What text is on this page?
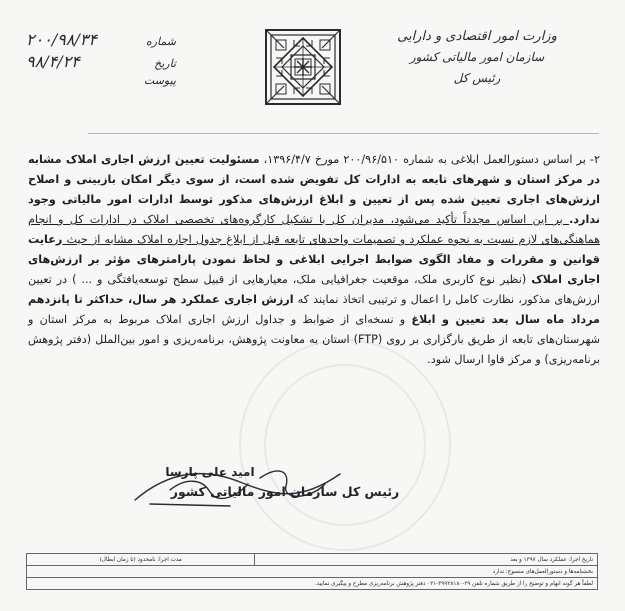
وزارت امور اقتصادی و دارایی
سازمان امور مالیاتی کشور
رئیس کل
شماره
۲۰۰/۹۸/۳۴
تاریخ
۹۸/۴/۲۴
پیوست
۲- بر اساس دستورالعمل ابلاغی به شماره ۲۰۰/۹۶/۵۱۰ مورخ ۱۳۹۶/۴/۷، مسئولیت تعیین ارزش اجاری املاک مشابه در مرکز استان و شهرهای تابعه به ادارات کل تفویض شده است، از سوی دیگر امکان بازبینی و اصلاح ارزش‌های اجاری تعیین شده پس از تعیین و ابلاغ ارزش‌های مذکور توسط ادارات امور مالیاتی وجود ندارد. بر این اساس مجدداً تأکید می‌شود، مدیران کل با تشکیل کارگروه‌های تخصصی املاک در ادارات کل و انجام هماهنگی‌های لازم نسبت به نحوه عملکرد و تصمیمات واحدهای تابعه قبل از ابلاغ جدول اجاره املاک مشابه از حیث رعایت قوانین و مقررات و مفاد الگوی ضوابط اجرایی ابلاغی و لحاظ نمودن پارامترهای مؤثر بر ارزش‌های اجاری املاک (نظیر نوع کاربری ملک، موقعیت جغرافیایی ملک، معیارهایی از قبیل سطح توسعه‌یافتگی و ... ) در تعیین ارزش‌های مذکور، نظارت کامل را اعمال و ترتیبی اتخاذ نمایند که ارزش اجاری عملکرد هر سال، حداکثر تا پانزدهم مرداد ماه سال بعد تعیین و ابلاغ و نسخه‌ای از ضوابط و جداول ارزش اجاری املاک مربوط به مرکز استان و شهرستان‌های تابعه از طریق بارگزاری بر روی (FTP) استان به معاونت پژوهش، برنامه‌ریزی و امور بین‌الملل (دفتر پژوهش برنامه‌ریزی) و مرکز فاوا ارسال شود.
امید علی پارسا
رئیس کل سازمان امور مالیاتی کشور
تاریخ اجرا: عملکرد سال ۱۳۹۷ و بعد	مدت اجرا: نامحدود (تا زمان ابطال)
بخشنامه‌ها و دستورالعمل‌های منسوخ: ندارد
لطفاً هر گونه ابهام و توضیح را از طریق شماره تلفن ۲۹-۳۹۹۲۸۱۸۰-۰۲۱ دفتر پژوهش برنامه‌ریزی مطرح و پیگیری نمایید.
